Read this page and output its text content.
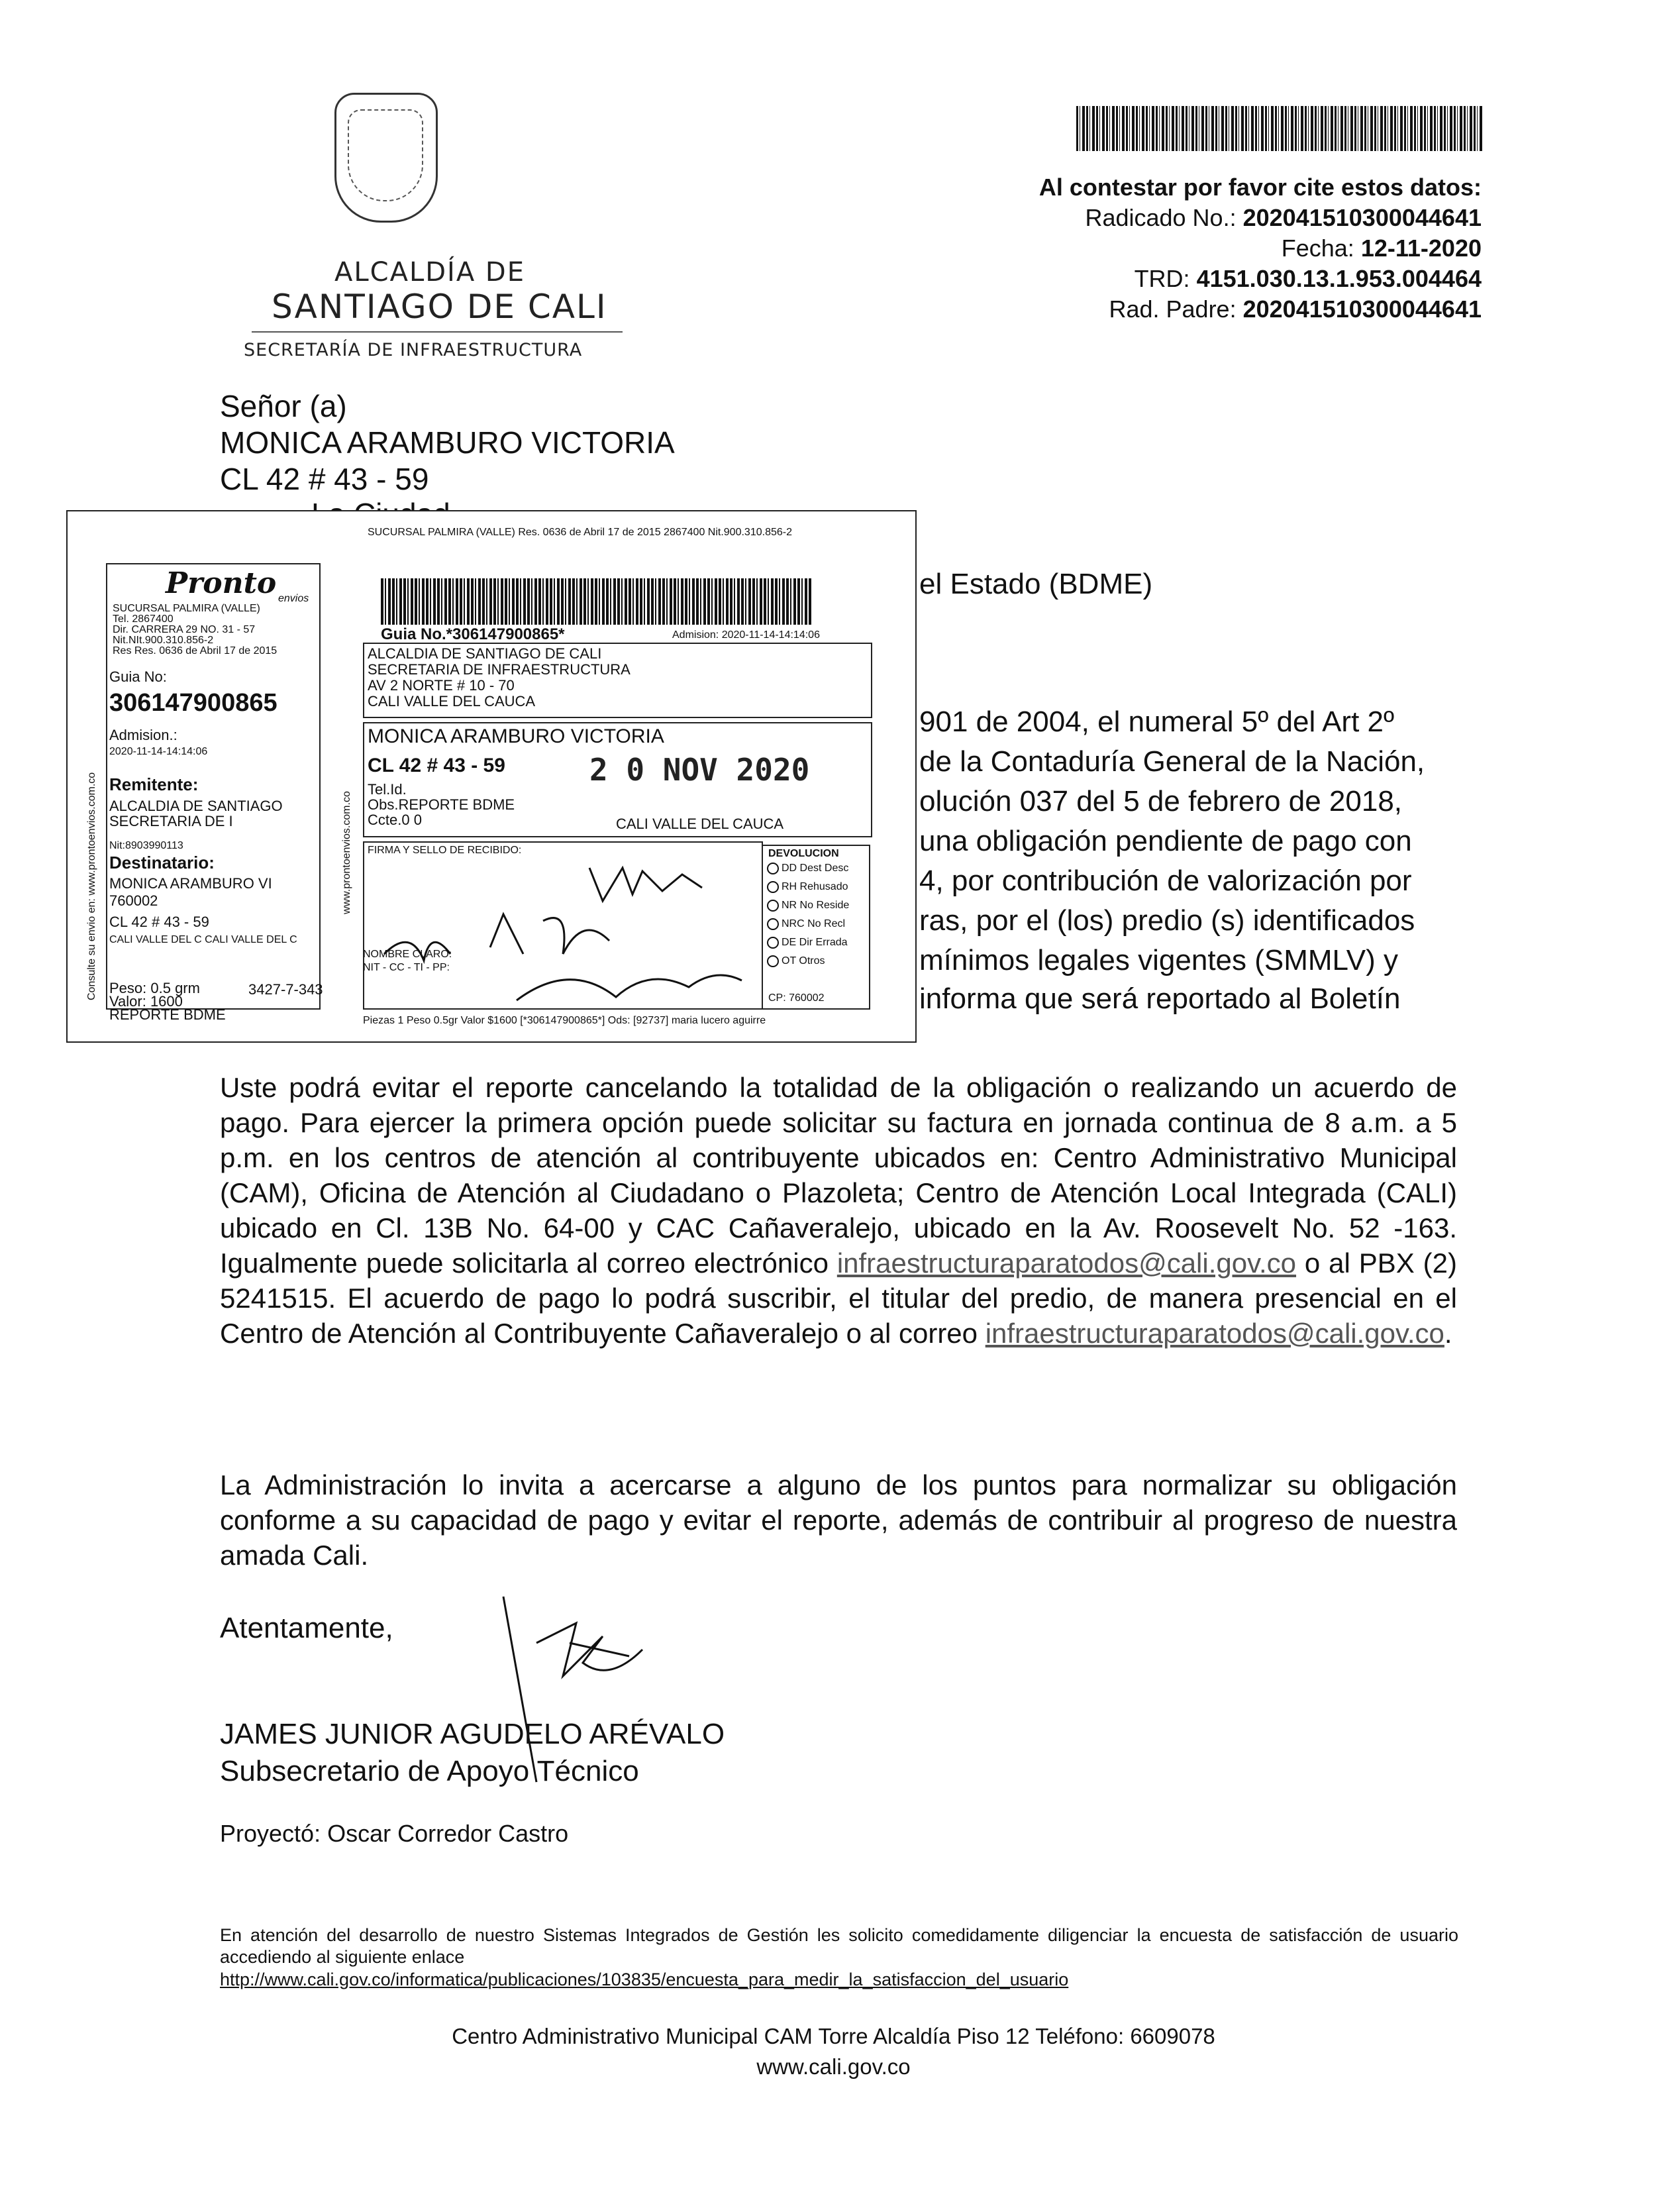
ALCALDÍA DE
SANTIAGO DE CALI
SECRETARÍA DE INFRAESTRUCTURA
Al contestar por favor cite estos datos:
Radicado No.: 202041510300044641
Fecha: 12-11-2020
TRD: 4151.030.13.1.953.004464
Rad. Padre: 202041510300044641
Señor (a)
MONICA ARAMBURO VICTORIA
CL 42 # 43 - 59
el Estado (BDME)
901 de 2004, el numeral 5º del Art 2º
de la Contaduría General de la Nación,
olución 037 del 5 de febrero de 2018,
una obligación pendiente de pago con
4, por contribución de valorización por
ras, por el (los) predio (s) identificados
mínimos legales vigentes (SMMLV) y
informa que será reportado al Boletín
SUCURSAL PALMIRA (VALLE) Res. 0636 de Abril 17 de 2015 2867400 Nit.900.310.856-2
Pronto envios
SUCURSAL PALMIRA (VALLE)
Tel. 2867400
Dir. CARRERA 29 NO. 31 - 57
Nit.NIt.900.310.856-2
Res Res. 0636 de Abril 17 de 2015
Guia No:
306147900865
Admision.:
2020-11-14-14:14:06
Remitente:
ALCALDIA DE SANTIAGO
SECRETARIA DE I
Nit:8903990113
Destinatario:
MONICA ARAMBURO VI
760002
CL 42 # 43 - 59
CALI VALLE DEL C CALI VALLE DEL C
Peso: 0.5 grm
Valor: 1600
3427-7-343
REPORTE BDME
Consulte su envio en: www.prontoenvios.com.co	www.prontoenvios.com.co
Guia No.*306147900865*	Admision: 2020-11-14-14:14:06
ALCALDIA DE SANTIAGO DE CALI
SECRETARIA DE INFRAESTRUCTURA
AV 2 NORTE # 10 - 70
CALI VALLE DEL CAUCA
MONICA ARAMBURO VICTORIA
CL 42 # 43 - 59
Tel.Id.
Obs.REPORTE BDME
Ccte.0 0	CALI VALLE DEL CAUCA
2 0 NOV 2020
FIRMA Y SELLO DE RECIBIDO:
NOMBRE CLARO:
NIT - CC - TI - PP:
DEVOLUCION
DD Dest Desc
RH Rehusado
NR No Reside
NRC No Recl
DE Dir Errada
OT Otros
CP: 760002
Piezas 1 Peso 0.5gr Valor $1600 [*306147900865*] Ods: [92737] maria lucero aguirre
Uste podrá evitar el reporte cancelando la totalidad de la obligación o realizando un acuerdo de pago. Para ejercer la primera opción puede solicitar su factura en jornada continua de 8 a.m. a 5 p.m. en los centros de atención al contribuyente ubicados en: Centro Administrativo Municipal (CAM), Oficina de Atención al Ciudadano o Plazoleta; Centro de Atención Local Integrada (CALI) ubicado en Cl. 13B No. 64-00 y CAC Cañaveralejo, ubicado en la Av. Roosevelt No. 52 -163. Igualmente puede solicitarla al correo electrónico infraestructuraparatodos@cali.gov.co o al PBX (2) 5241515. El acuerdo de pago lo podrá suscribir, el titular del predio, de manera presencial en el Centro de Atención al Contribuyente Cañaveralejo o al correo infraestructuraparatodos@cali.gov.co.
La Administración lo invita a acercarse a alguno de los puntos para normalizar su obligación conforme a su capacidad de pago y evitar el reporte, además de contribuir al progreso de nuestra amada Cali.
Atentamente,
JAMES JUNIOR AGUDELO ARÉVALO
Subsecretario de Apoyo Técnico
Proyectó: Oscar Corredor Castro
En atención del desarrollo de nuestro Sistemas Integrados de Gestión les solicito comedidamente diligenciar la encuesta de satisfacción de usuario accediendo al siguiente enlace
http://www.cali.gov.co/informatica/publicaciones/103835/encuesta_para_medir_la_satisfaccion_del_usuario
Centro Administrativo Municipal CAM Torre Alcaldía Piso 12 Teléfono: 6609078
www.cali.gov.co
